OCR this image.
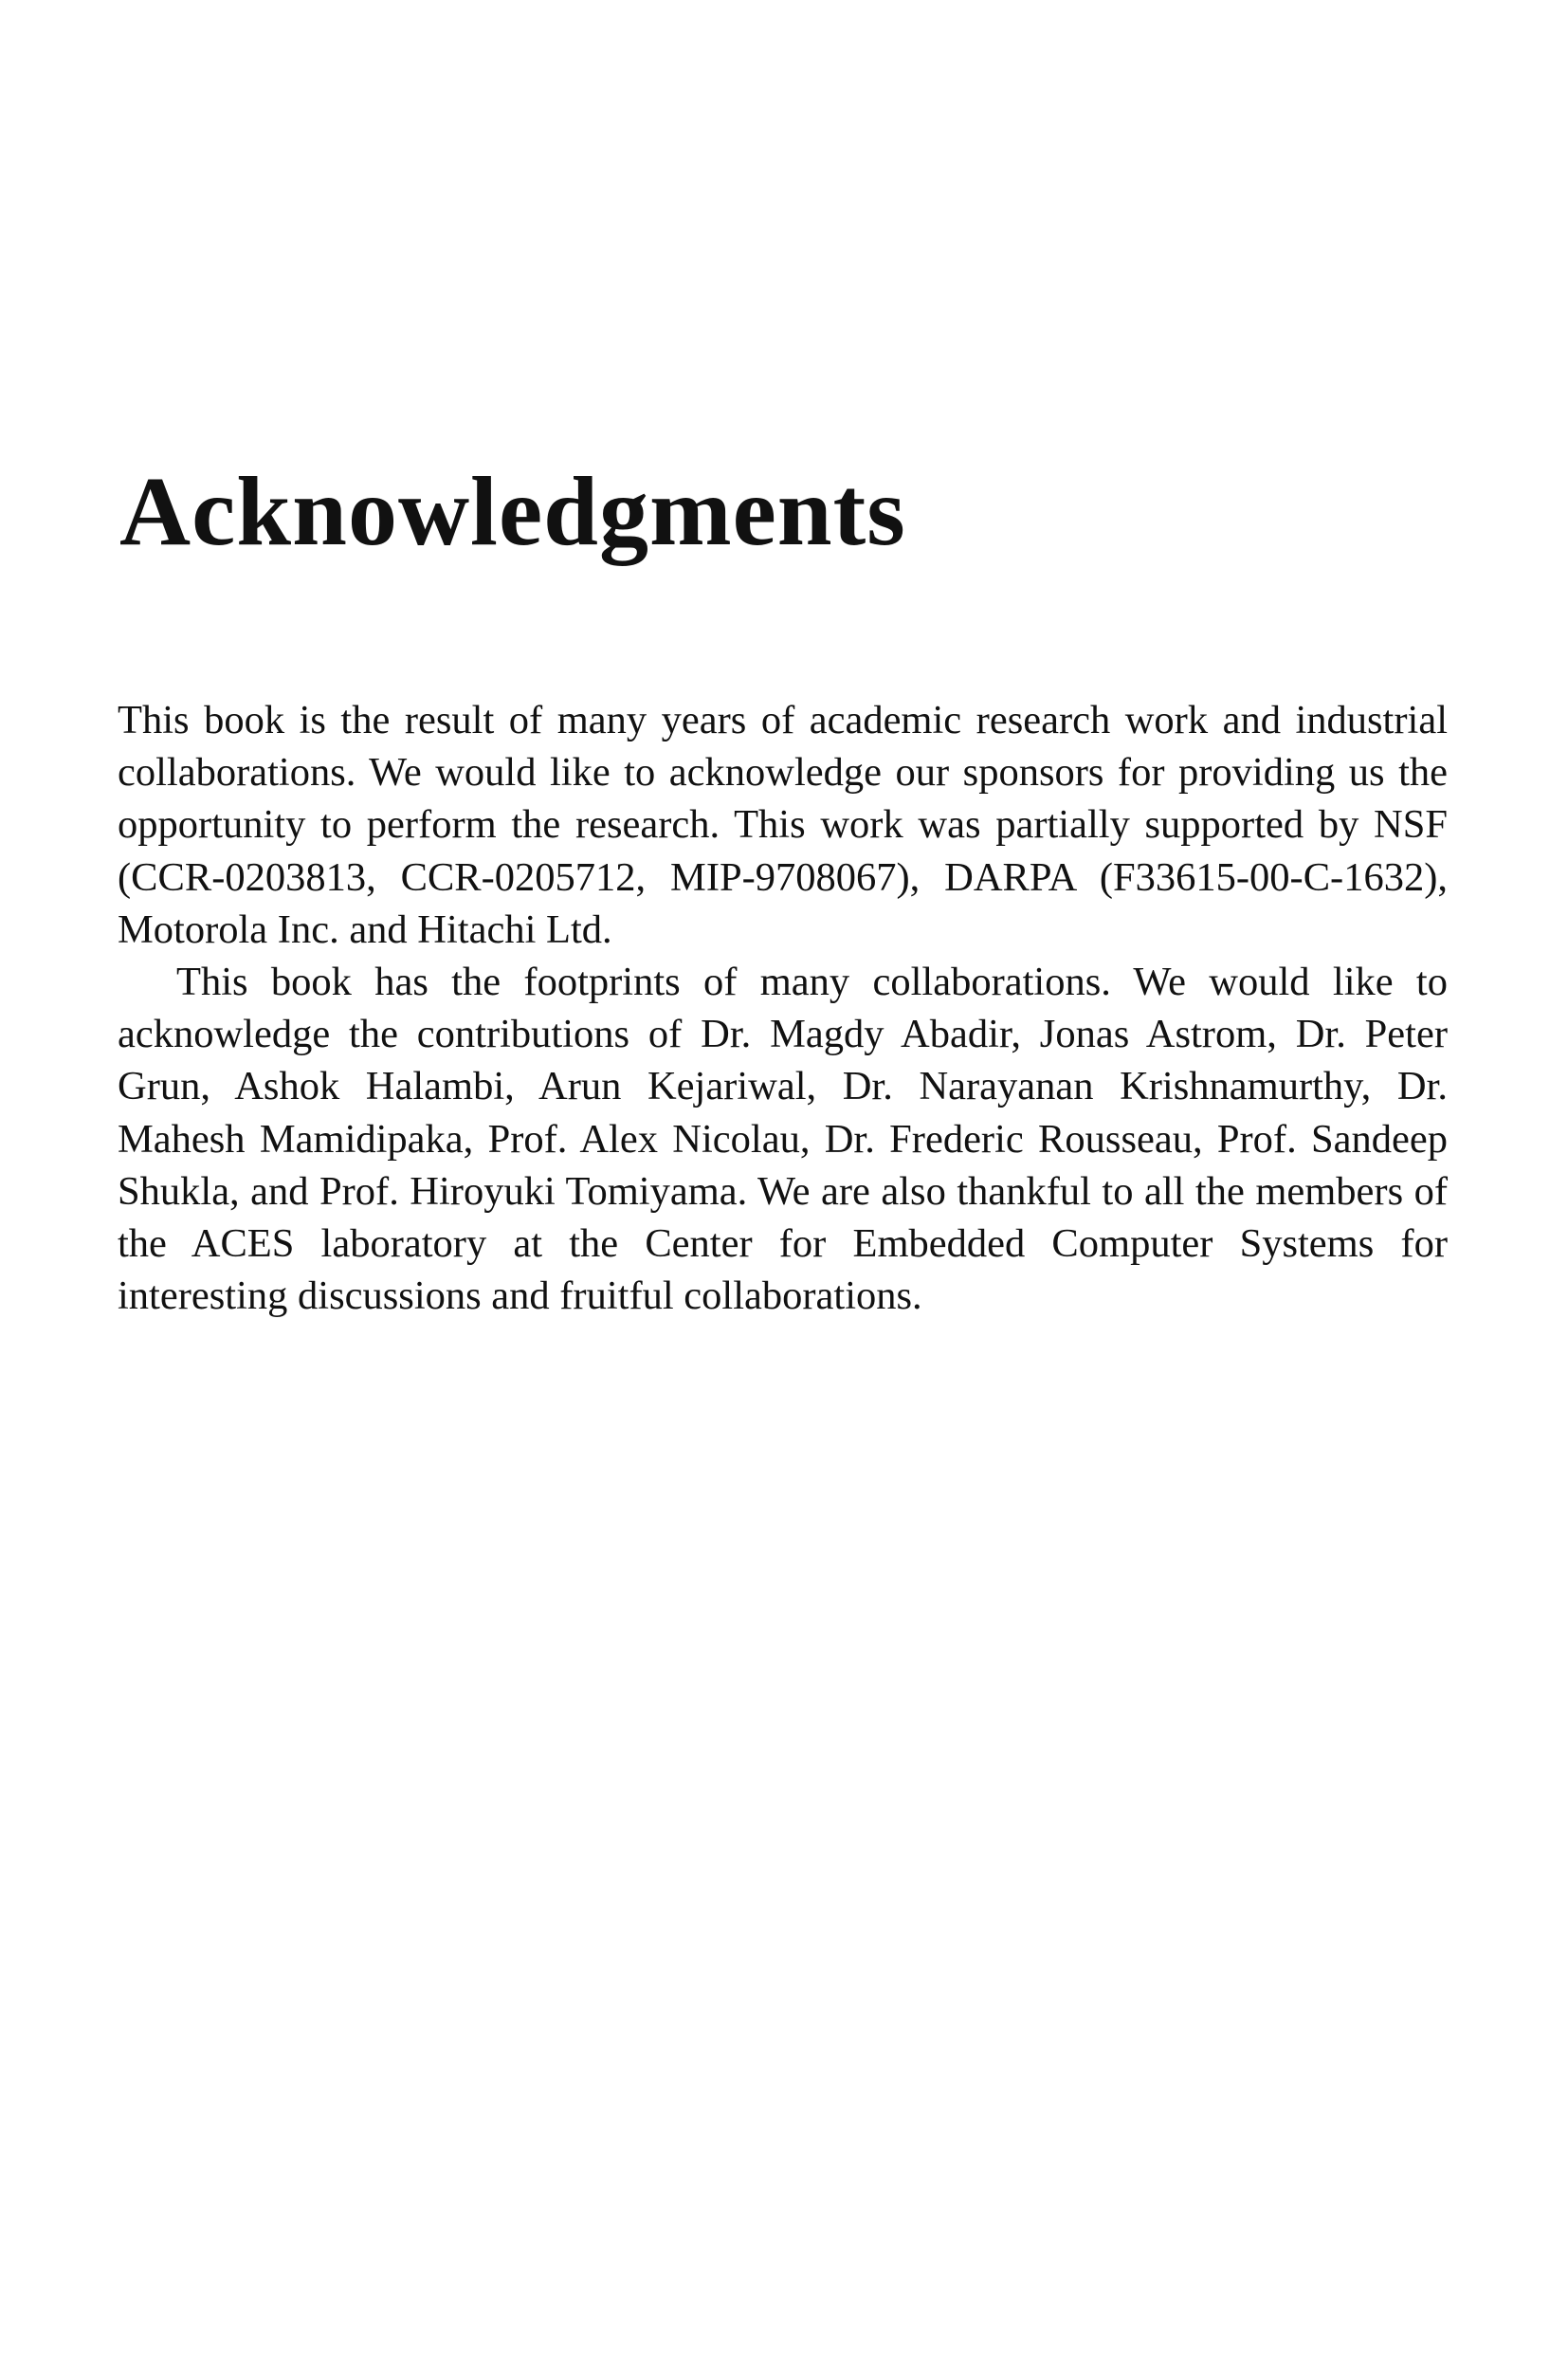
Acknowledgments

This book is the result of many years of academic research work and industrial collaborations. We would like to acknowledge our sponsors for providing us the opportunity to perform the research. This work was partially supported by NSF (CCR-0203813, CCR-0205712, MIP-9708067), DARPA (F33615-00-C-1632), Motorola Inc. and Hitachi Ltd.

This book has the footprints of many collaborations. We would like to acknowledge the contributions of Dr. Magdy Abadir, Jonas Astrom, Dr. Peter Grun, Ashok Halambi, Arun Kejariwal, Dr. Narayanan Krishnamurthy, Dr. Mahesh Mamidipaka, Prof. Alex Nicolau, Dr. Frederic Rousseau, Prof. Sandeep Shukla, and Prof. Hiroyuki Tomiyama. We are also thankful to all the members of the ACES laboratory at the Center for Embedded Computer Systems for interesting discussions and fruitful collaborations.
